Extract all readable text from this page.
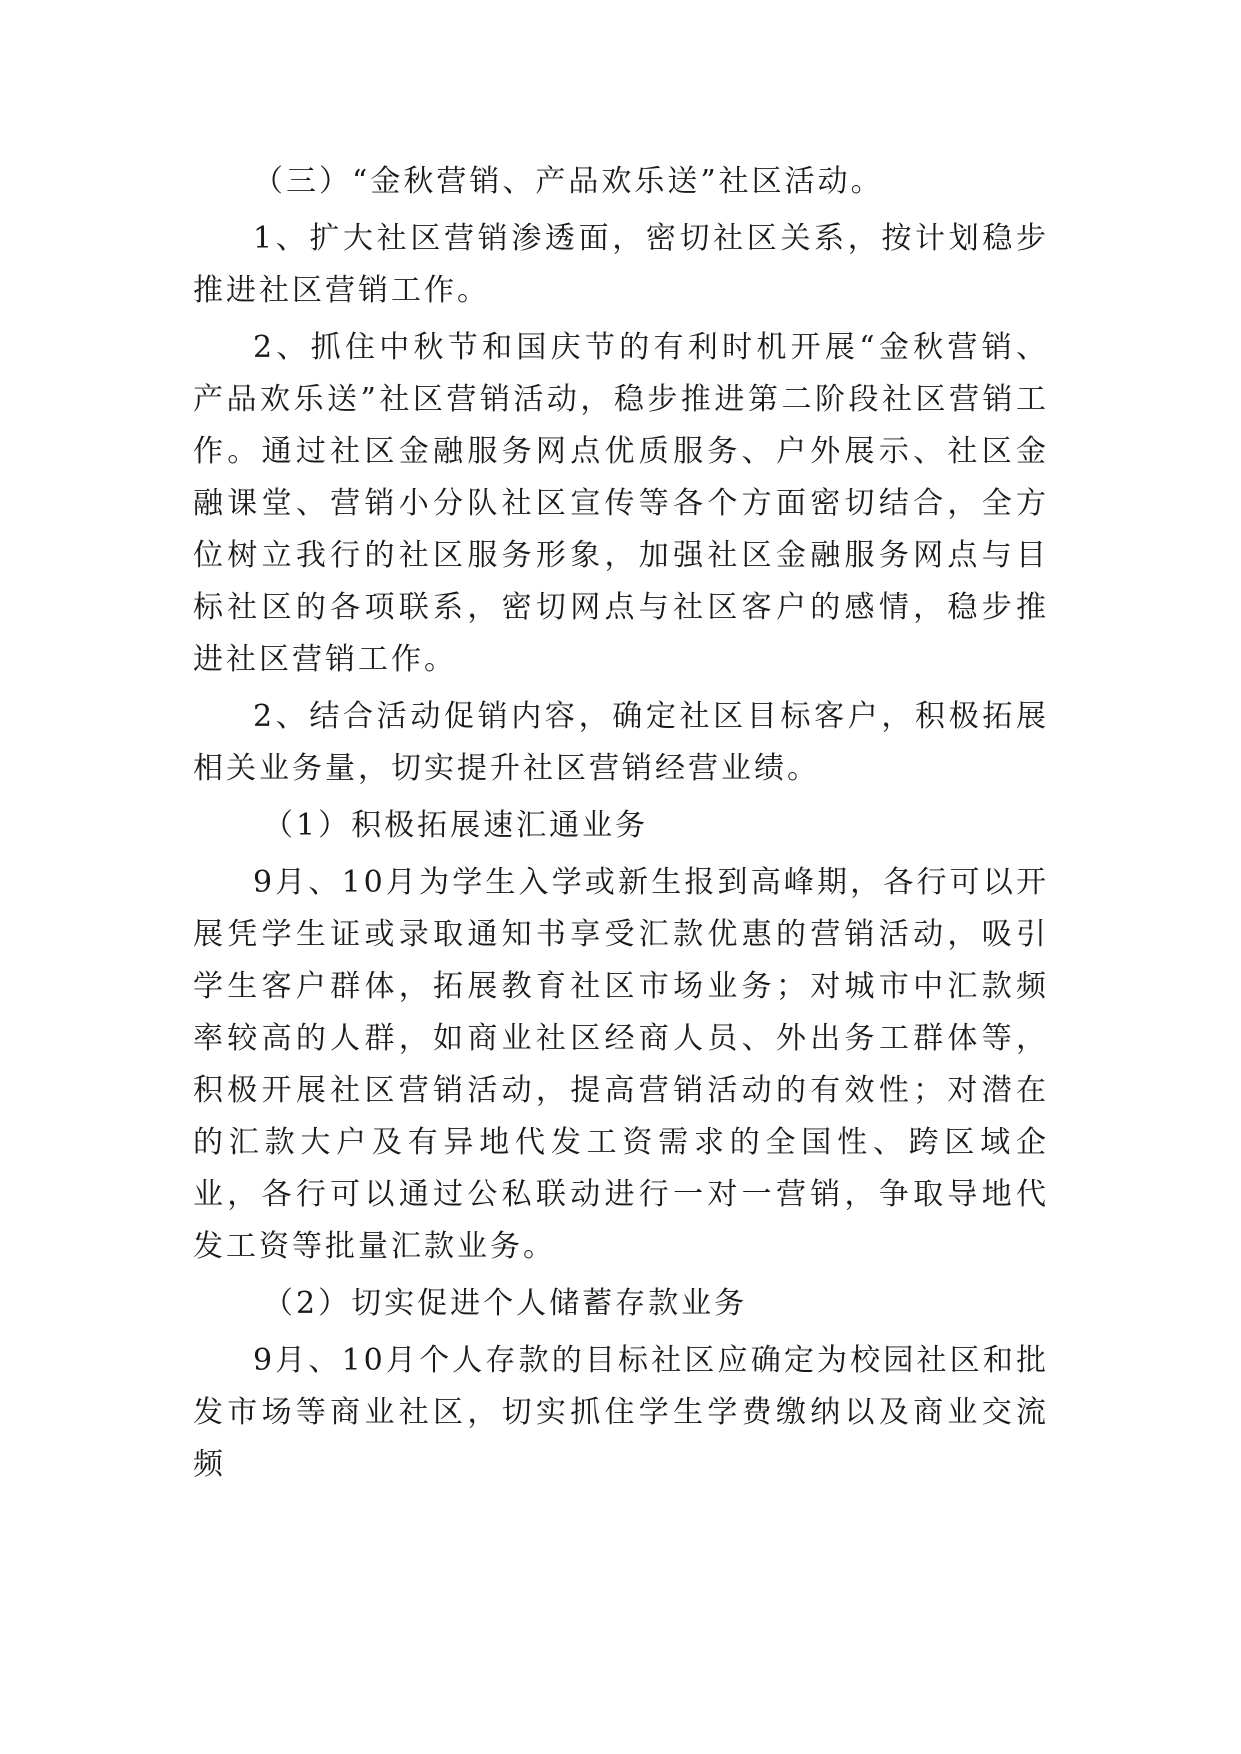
（三）“金秋营销、产品欢乐送”社区活动。

1、扩大社区营销渗透面，密切社区关系，按计划稳步推进社区营销工作。

2、抓住中秋节和国庆节的有利时机开展“金秋营销、产品欢乐送”社区营销活动，稳步推进第二阶段社区营销工作。通过社区金融服务网点优质服务、户外展示、社区金融课堂、营销小分队社区宣传等各个方面密切结合，全方位树立我行的社区服务形象，加强社区金融服务网点与目标社区的各项联系，密切网点与社区客户的感情，稳步推进社区营销工作。

2、结合活动促销内容，确定社区目标客户，积极拓展相关业务量，切实提升社区营销经营业绩。

（1）积极拓展速汇通业务

9月、10月为学生入学或新生报到高峰期，各行可以开展凭学生证或录取通知书享受汇款优惠的营销活动，吸引学生客户群体，拓展教育社区市场业务；对城市中汇款频率较高的人群，如商业社区经商人员、外出务工群体等，积极开展社区营销活动，提高营销活动的有效性；对潜在的汇款大户及有异地代发工资需求的全国性、跨区域企业，各行可以通过公私联动进行一对一营销，争取导地代发工资等批量汇款业务。

（2）切实促进个人储蓄存款业务

9月、10月个人存款的目标社区应确定为校园社区和批发市场等商业社区，切实抓住学生学费缴纳以及商业交流频
